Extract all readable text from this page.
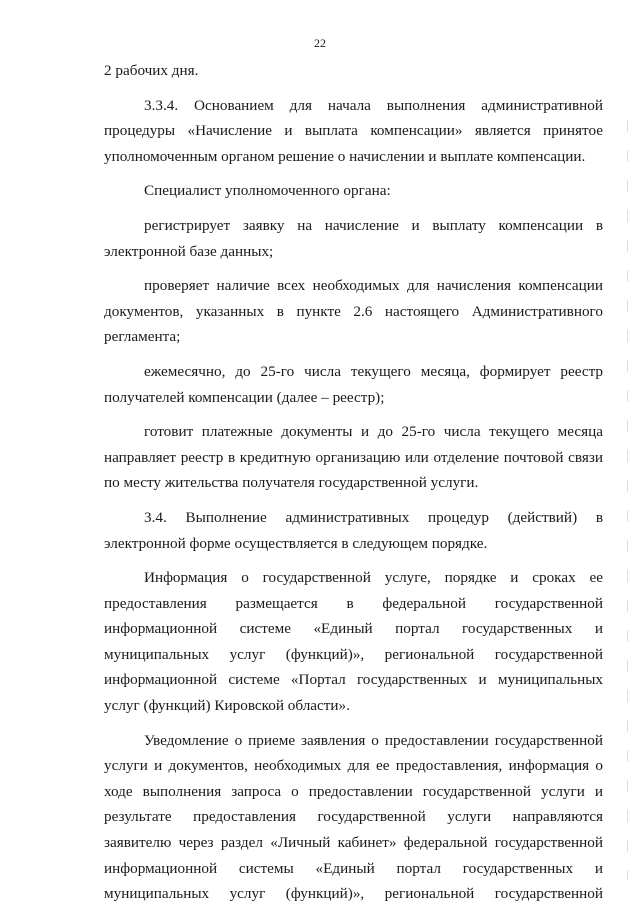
22

2 рабочих дня.

3.3.4. Основанием для начала выполнения административной процедуры «Начисление и выплата компенсации» является принятое уполномоченным органом решение о начислении и выплате компенсации.

Специалист уполномоченного органа:

регистрирует заявку на начисление и выплату компенсации в электронной базе данных;

проверяет наличие всех необходимых для начисления компенсации документов, указанных в пункте 2.6 настоящего Административного регламента;

ежемесячно, до 25-го числа текущего месяца, формирует реестр получателей компенсации (далее – реестр);

готовит платежные документы и до 25-го числа текущего месяца направляет реестр в кредитную организацию или отделение почтовой связи по месту жительства получателя государственной услуги.

3.4. Выполнение административных процедур (действий) в электронной форме осуществляется в следующем порядке.

Информация о государственной услуге, порядке и сроках ее предоставления размещается в федеральной государственной информационной системе «Единый портал государственных и муниципальных услуг (функций)», региональной государственной информационной системе «Портал государственных и муниципальных услуг (функций) Кировской области».

Уведомление о приеме заявления о предоставлении государственной услуги и документов, необходимых для ее предоставления, информация о ходе выполнения запроса о предоставлении государственной услуги и результате предоставления государственной услуги направляются заявителю через раздел «Личный кабинет» федеральной государственной информационной системы «Единый портал государственных и муниципальных услуг (функций)», региональной государственной
